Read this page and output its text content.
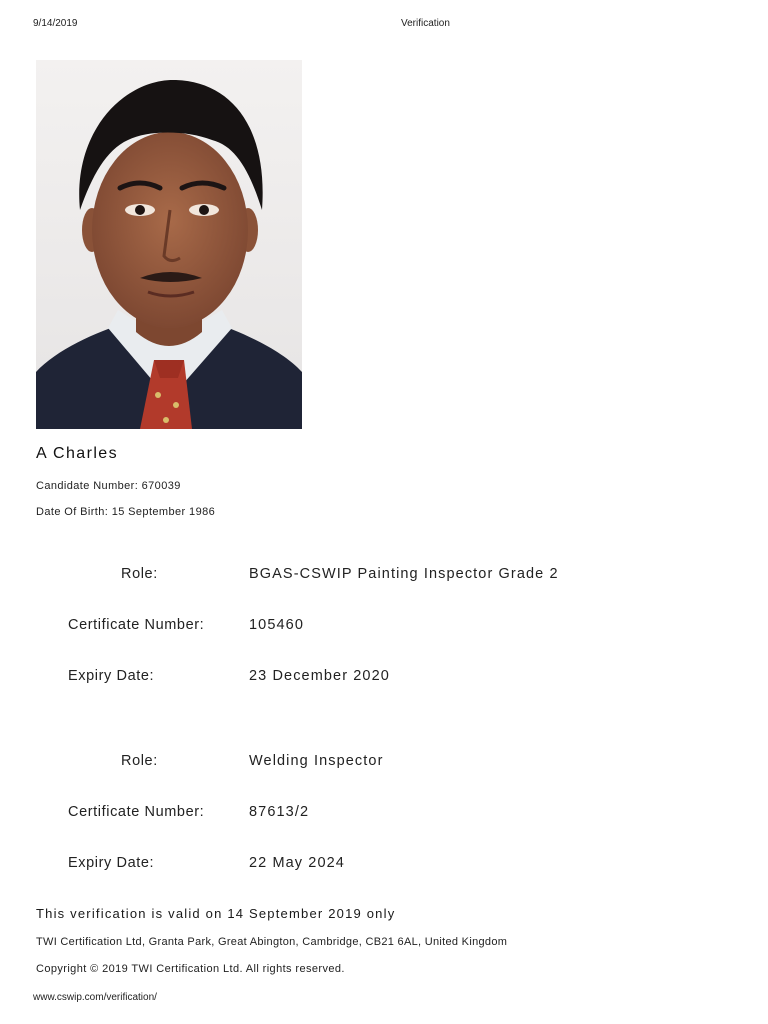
9/14/2019	Verification
A Charles
Candidate Number: 670039
Date Of Birth: 15 September 1986
Role:	BGAS-CSWIP Painting Inspector Grade 2
Certificate Number:	105460
Expiry Date:	23 December 2020
Role:	Welding Inspector
Certificate Number:	87613/2
Expiry Date:	22 May 2024
This verification is valid on 14 September 2019 only
TWI Certification Ltd, Granta Park, Great Abington, Cambridge, CB21 6AL, United Kingdom
Copyright © 2019 TWI Certification Ltd. All rights reserved.
www.cswip.com/verification/
